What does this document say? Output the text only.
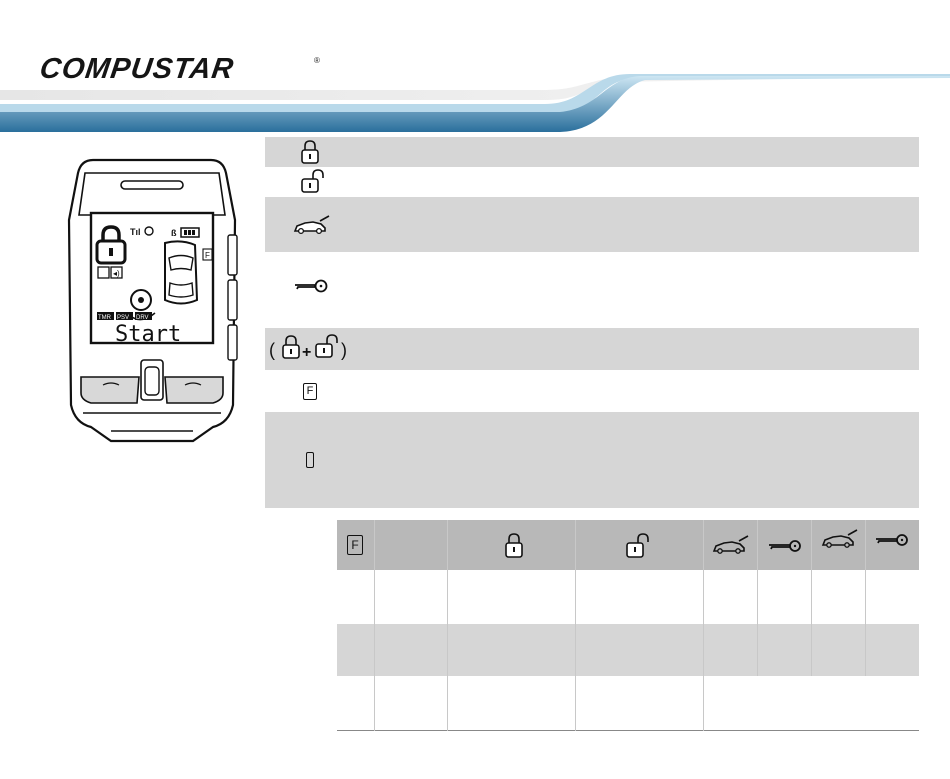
COMPUSTAR	®
Tıl	ß
◂)
TMR PSV DRV
Start
F
( + )
F
F
